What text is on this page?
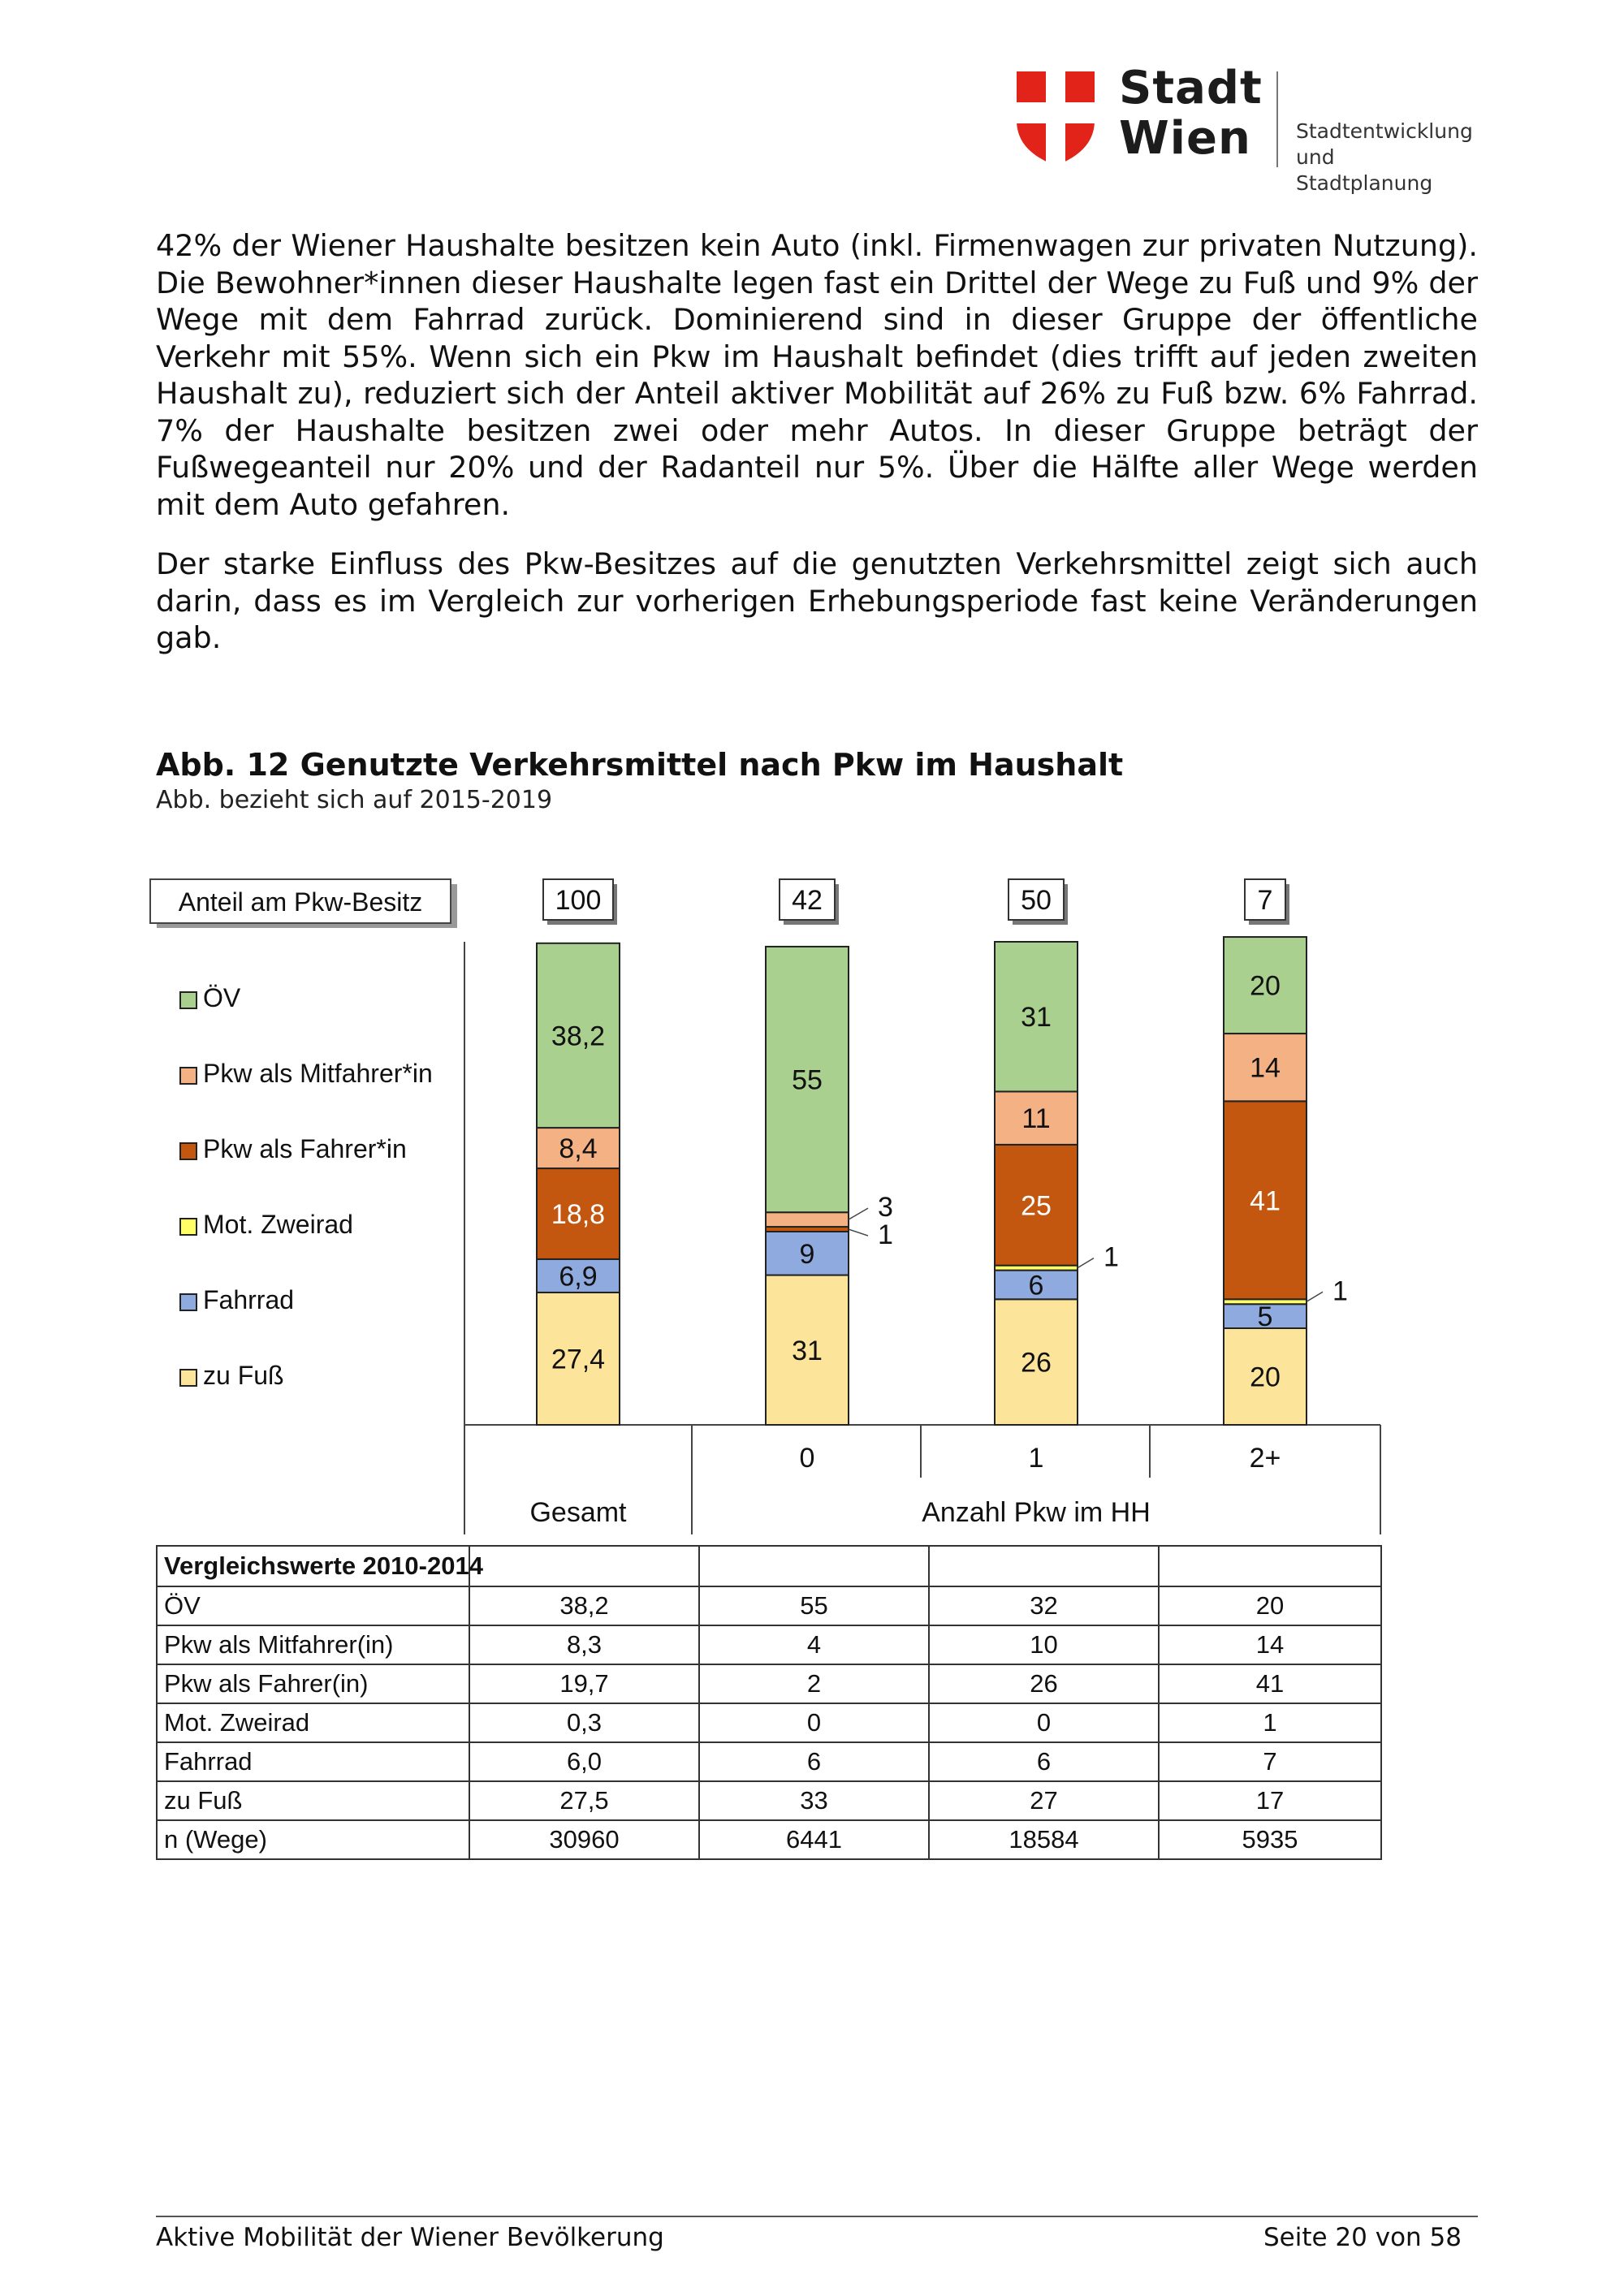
Stadt
Wien	Stadtentwicklung
und Stadtplanung

42% der Wiener Haushalte besitzen kein Auto (inkl. Firmenwagen zur privaten Nutzung). Die Bewohner*innen dieser Haushalte legen fast ein Drittel der Wege zu Fuß und 9% der Wege mit dem Fahrrad zurück. Dominierend sind in dieser Gruppe der öffentliche Verkehr mit 55%. Wenn sich ein Pkw im Haushalt befindet (dies trifft auf jeden zweiten Haushalt zu), reduziert sich der Anteil aktiver Mobilität auf 26% zu Fuß bzw. 6% Fahrrad. 7% der Haushalte besitzen zwei oder mehr Autos. In dieser Gruppe beträgt der Fußwegeanteil nur 20% und der Radanteil nur 5%. Über die Hälfte aller Wege werden mit dem Auto gefahren.

Der starke Einfluss des Pkw-Besitzes auf die genutzten Verkehrsmittel zeigt sich auch darin, dass es im Vergleich zur vorherigen Erhebungsperiode fast keine Veränderungen gab.

Abb. 12 Genutzte Verkehrsmittel nach Pkw im Haushalt

Abb. bezieht sich auf 2015-2019

0	1	2+
Gesamt	Anzahl Pkw im HH
Anteil am Pkw-Besitz	100	42	50	7
27,4
6,9
18,8
8,4
38,2
31
9
1
3
55
26
6
1
25
11
31
20
5
1
41
14
20
ÖV
Pkw als Mitfahrer*in
Pkw als Fahrer*in
Mot. Zweirad
Fahrrad
zu Fuß
Vergleichswerte 2010-2014				
ÖV	38,2	55	32	20
Pkw als Mitfahrer(in)	8,3	4	10	14
Pkw als Fahrer(in)	19,7	2	26	41
Mot. Zweirad	0,3	0	0	1
Fahrrad	6,0	6	6	7
zu Fuß	27,5	33	27	17
n (Wege)	30960	6441	18584	5935
Aktive Mobilität der Wiener Bevölkerung	Seite 20 von 58
